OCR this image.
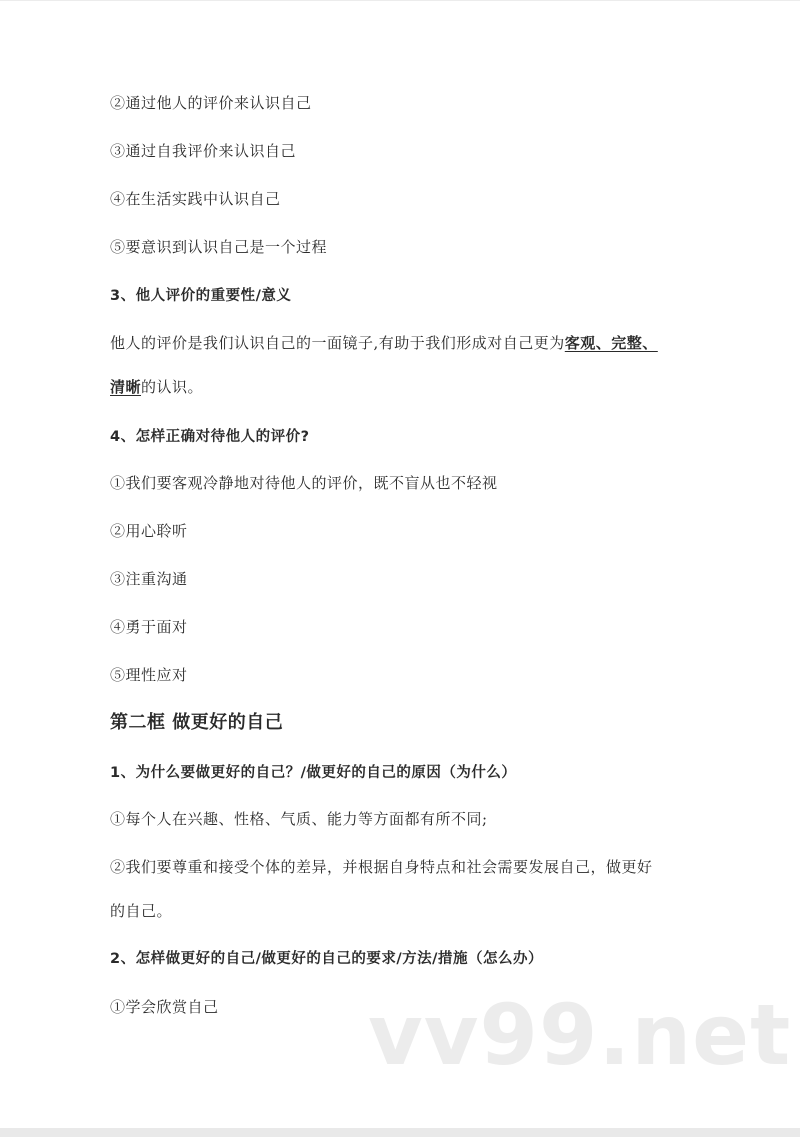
②通过他人的评价来认识自己
③通过自我评价来认识自己
④在生活实践中认识自己
⑤要意识到认识自己是一个过程
3、他人评价的重要性/意义
他人的评价是我们认识自己的一面镜子,有助于我们形成对自己更为客观、完整、
清晰的认识。
4、怎样正确对待他人的评价?
①我们要客观冷静地对待他人的评价，既不盲从也不轻视
②用心聆听
③注重沟通
④勇于面对
⑤理性应对
第二框 做更好的自己
1、为什么要做更好的自己？/做更好的自己的原因（为什么）
①每个人在兴趣、性格、气质、能力等方面都有所不同;
②我们要尊重和接受个体的差异，并根据自身特点和社会需要发展自己，做更好
的自己。
2、怎样做更好的自己/做更好的自己的要求/方法/措施（怎么办）
①学会欣赏自己 vv99.net
